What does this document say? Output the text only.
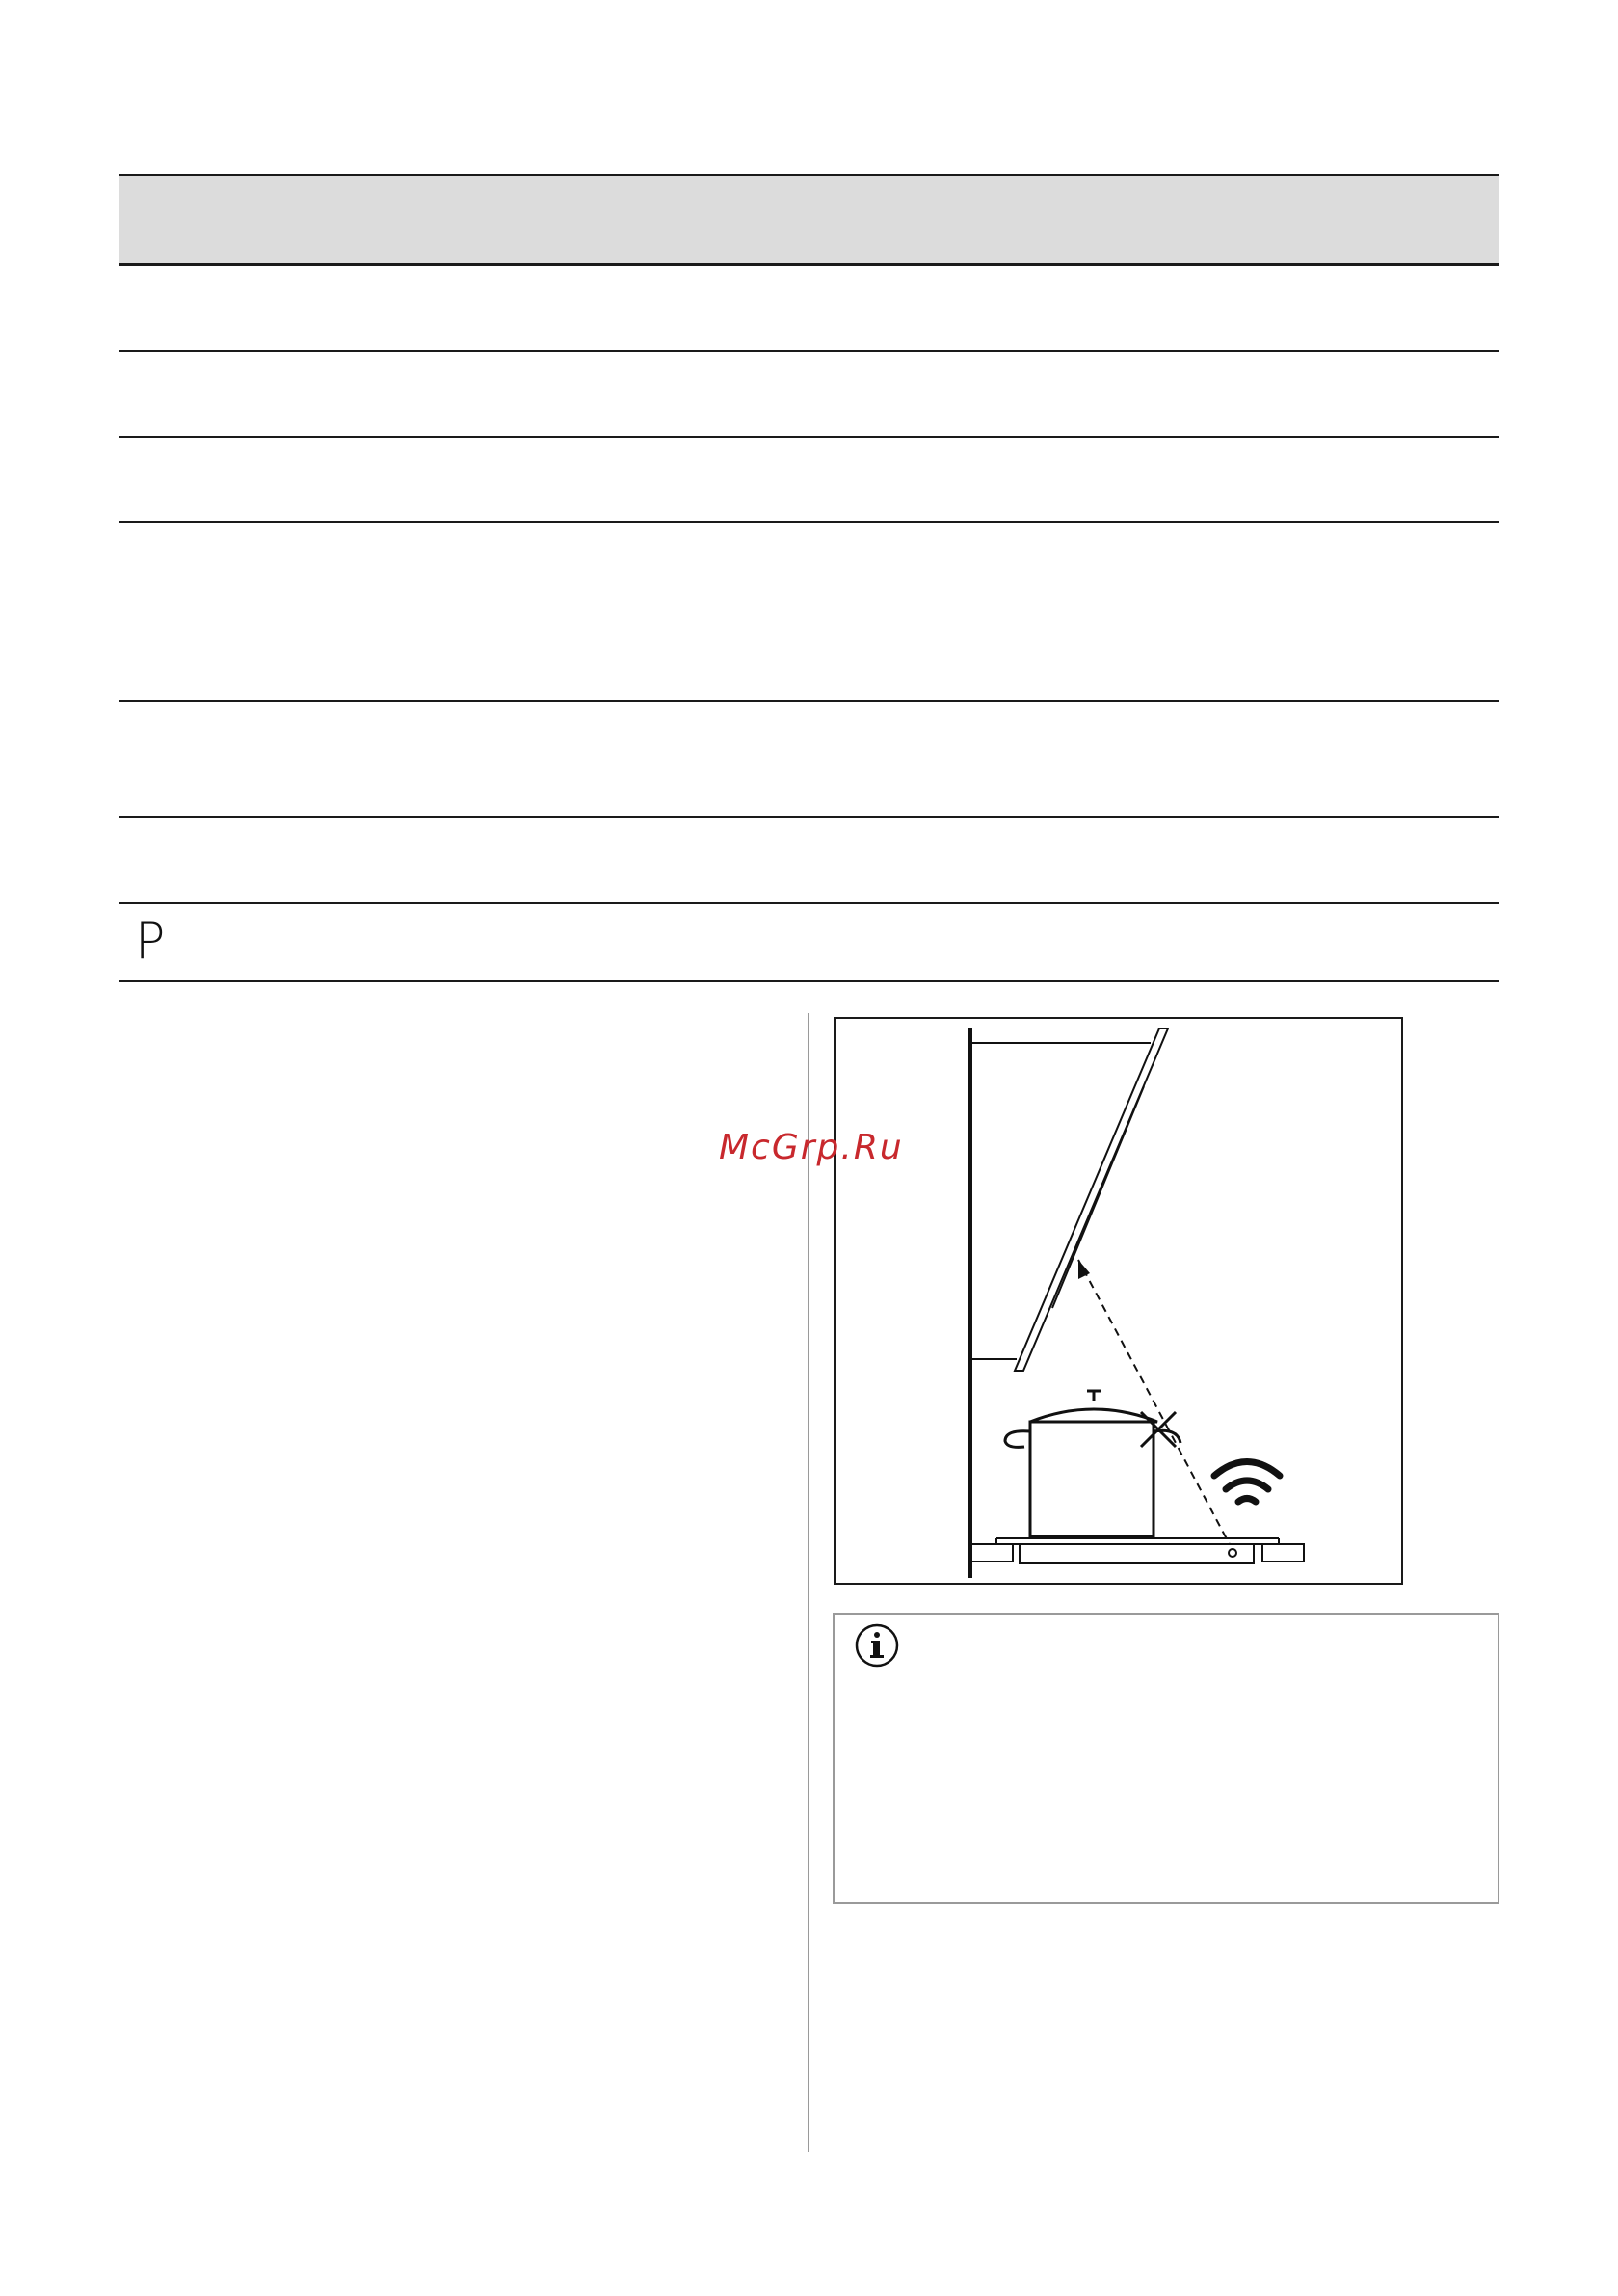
P
McGrp.Ru
